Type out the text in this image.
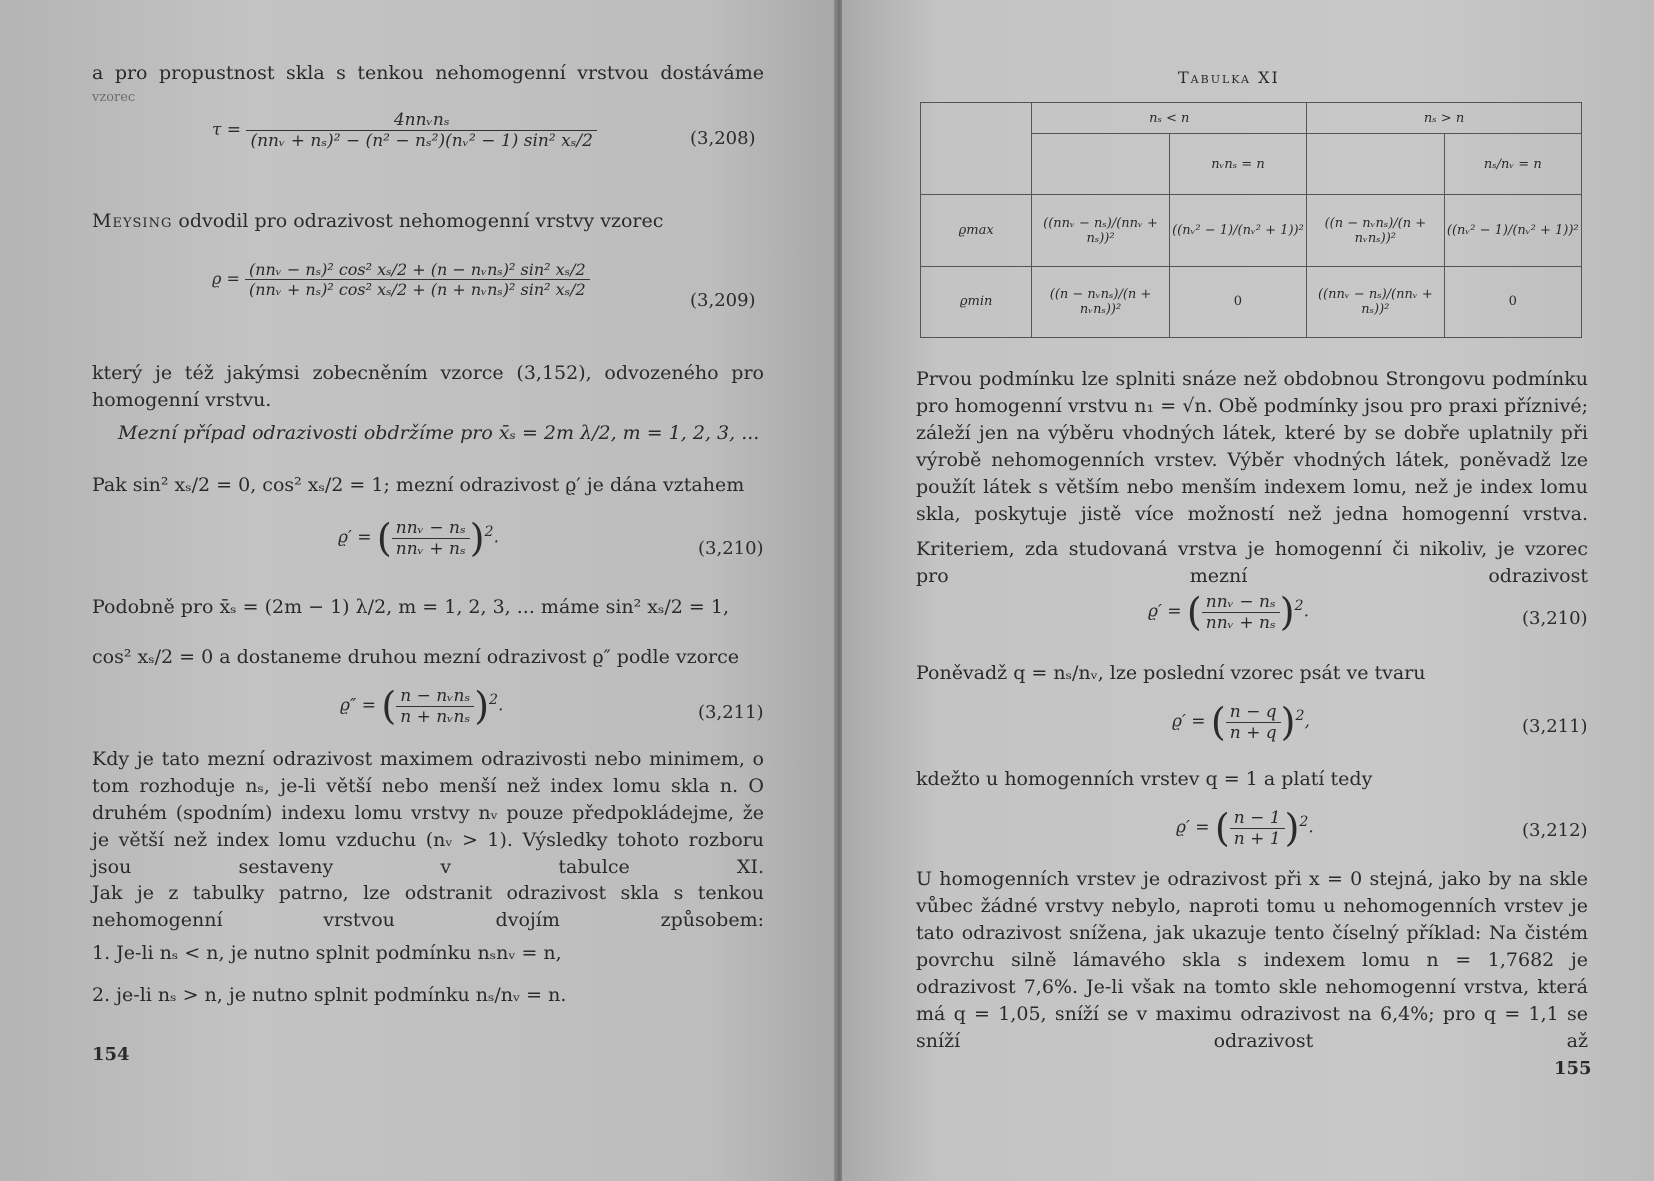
a pro propustnost skla s tenkou nehomogenní vrstvou dostáváme
vzorec
$\tau = \frac{\text{4nnᵥnₛ}}{\text{(nnᵥ + nₛ)² − (n² − nₛ²)(nᵥ² − 1) sin² xₛ/2}}$	(3,208)
Meysing odvodil pro odrazivost nehomogenní vrstvy vzorec
$ϱ = \frac{\text{(nnᵥ − nₛ)² cos² xₛ/2 + (n − nᵥnₛ)² sin² xₛ/2}}{\text{(nnᵥ + nₛ)² cos² xₛ/2 + (n + nᵥnₛ)² sin² xₛ/2}}$
(3,209)
který je též jakýmsi zobecněním vzorce (3,152), odvozeného pro homogenní vrstvu.
Mezní případ odrazivosti obdržíme pro x̄ₛ = 2m λ/2, m = 1, 2, 3, ...
Pak sin² xₛ/2 = 0, cos² xₛ/2 = 1; mezní odrazivost ϱ′ je dána vztahem
ϱ′ = ( $\frac{\text{nnᵥ − nₛ}}{\text{nnᵥ + nₛ}} )^2$.
(3,210)
Podobně pro x̄ₛ = (2m − 1) λ/2, m = 1, 2, 3, ... máme sin² xₛ/2 = 1,
cos² xₛ/2 = 0 a dostaneme druhou mezní odrazivost ϱ″ podle vzorce
ϱ″ = ( $\frac{\text{n − nᵥnₛ}}{\text{n + nᵥnₛ}} )^2$.	(3,211)
Kdy je tato mezní odrazivost maximem odrazivosti nebo minimem, o tom rozhoduje nₛ, je-li větší nebo menší než index lomu skla n. O druhém (spodním) indexu lomu vrstvy nᵥ pouze předpokládejme, že je větší než index lomu vzduchu (nᵥ > 1). Výsledky tohoto rozboru jsou sestaveny v tabulce XI.
Jak je z tabulky patrno, lze odstranit odrazivost skla s tenkou nehomogenní vrstvou dvojím způsobem:
1. Je-li nₛ < n, je nutno splnit podmínku nₛnᵥ = n,
2. je-li nₛ > n, je nutno splnit podmínku nₛ/nᵥ = n.
154
Tabulka XI
	nₛ < n		nₛ > n	
		nᵥnₛ = n		nₛ/nᵥ = n
ϱmax	((nnᵥ − nₛ)/(nnᵥ + nₛ))²	((nᵥ² − 1)/(nᵥ² + 1))²	((n − nᵥnₛ)/(n + nᵥnₛ))²	((nᵥ² − 1)/(nᵥ² + 1))²
ϱmin	((n − nᵥnₛ)/(n + nᵥnₛ))²	0	((nnᵥ − nₛ)/(nnᵥ + nₛ))²	0
Prvou podmínku lze splniti snáze než obdobnou Strongovu podmínku pro homogenní vrstvu n₁ = √n. Obě podmínky jsou pro praxi příznivé; záleží jen na výběru vhodných látek, které by se dobře uplatnily při výrobě nehomogenních vrstev. Výběr vhodných látek, poněvadž lze použít látek s větším nebo menším indexem lomu, než je index lomu skla, poskytuje jistě více možností než jedna homogenní vrstva.
Kriteriem, zda studovaná vrstva je homogenní či nikoliv, je vzorec pro mezní odrazivost
ϱ′ = ( $\frac{\text{nnᵥ − nₛ}}{\text{nnᵥ + nₛ}} )^2$.	(3,210)
Poněvadž q = nₛ/nᵥ, lze poslední vzorec psát ve tvaru
ϱ′ = ( $\frac{n - q}{n + q} )^2$,	(3,211)
kdežto u homogenních vrstev q = 1 a platí tedy
ϱ′ = ( $\frac{n - 1}{n + 1} )^2$.	(3,212)
U homogenních vrstev je odrazivost při x = 0 stejná, jako by na skle vůbec žádné vrstvy nebylo, naproti tomu u nehomogenních vrstev je tato odrazivost snížena, jak ukazuje tento číselný příklad: Na čistém povrchu silně lámavého skla s indexem lomu n = 1,7682 je odrazivost 7,6%. Je-li však na tomto skle nehomogenní vrstva, která má q = 1,05, sníží se v maximu odrazivost na 6,4%; pro q = 1,1 se sníží odrazivost až
155
